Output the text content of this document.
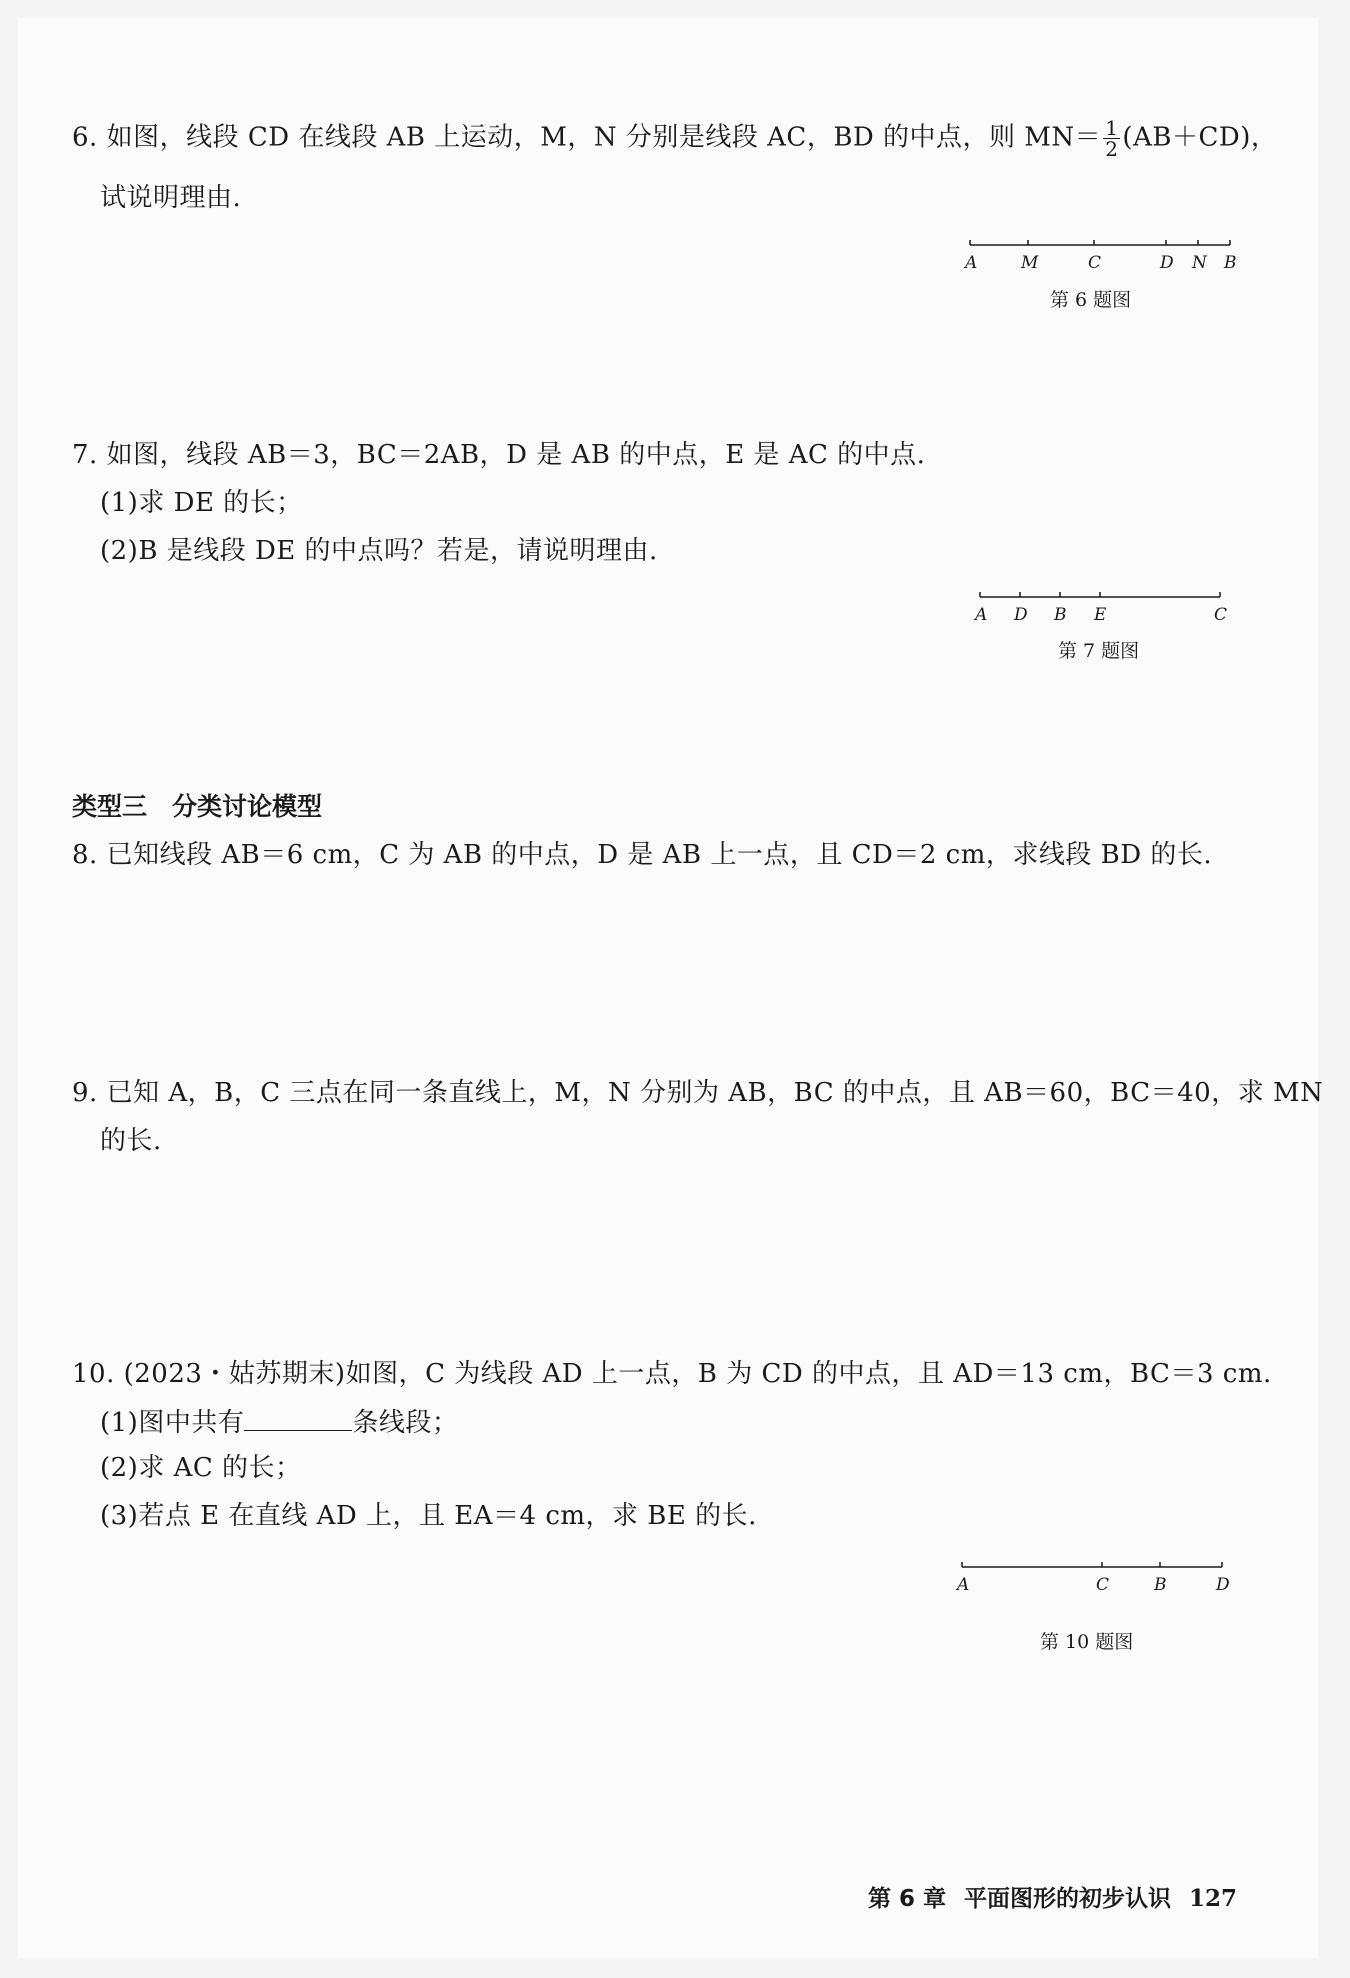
6. 如图，线段 CD 在线段 AB 上运动，M，N 分别是线段 AC，BD 的中点，则 $MN= \frac{1}{2} (AB+CD)$，
试说明理由.
A	M	C	D N B
第 6 题图
7. 如图，线段 AB＝3，BC＝2AB，D 是 AB 的中点，E 是 AC 的中点.
(1)求 DE 的长；
(2)B 是线段 DE 的中点吗？若是，请说明理由.
A D B E	C
第 7 题图
类型三　分类讨论模型
8. 已知线段 AB＝6 cm，C 为 AB 的中点，D 是 AB 上一点，且 CD＝2 cm，求线段 BD 的长.
9. 已知 A，B，C 三点在同一条直线上，M，N 分别为 AB，BC 的中点，且 AB＝60，BC＝40，求 MN
的长.
10. (2023・姑苏期末)如图，C 为线段 AD 上一点，B 为 CD 的中点，且 AD＝13 cm，BC＝3 cm.
(1)图中共有	条线段；
(2)求 AC 的长；
(3)若点 E 在直线 AD 上，且 EA＝4 cm，求 BE 的长.
A	C	B	D
第 10 题图
第 6 章 平面图形的初步认识 127
